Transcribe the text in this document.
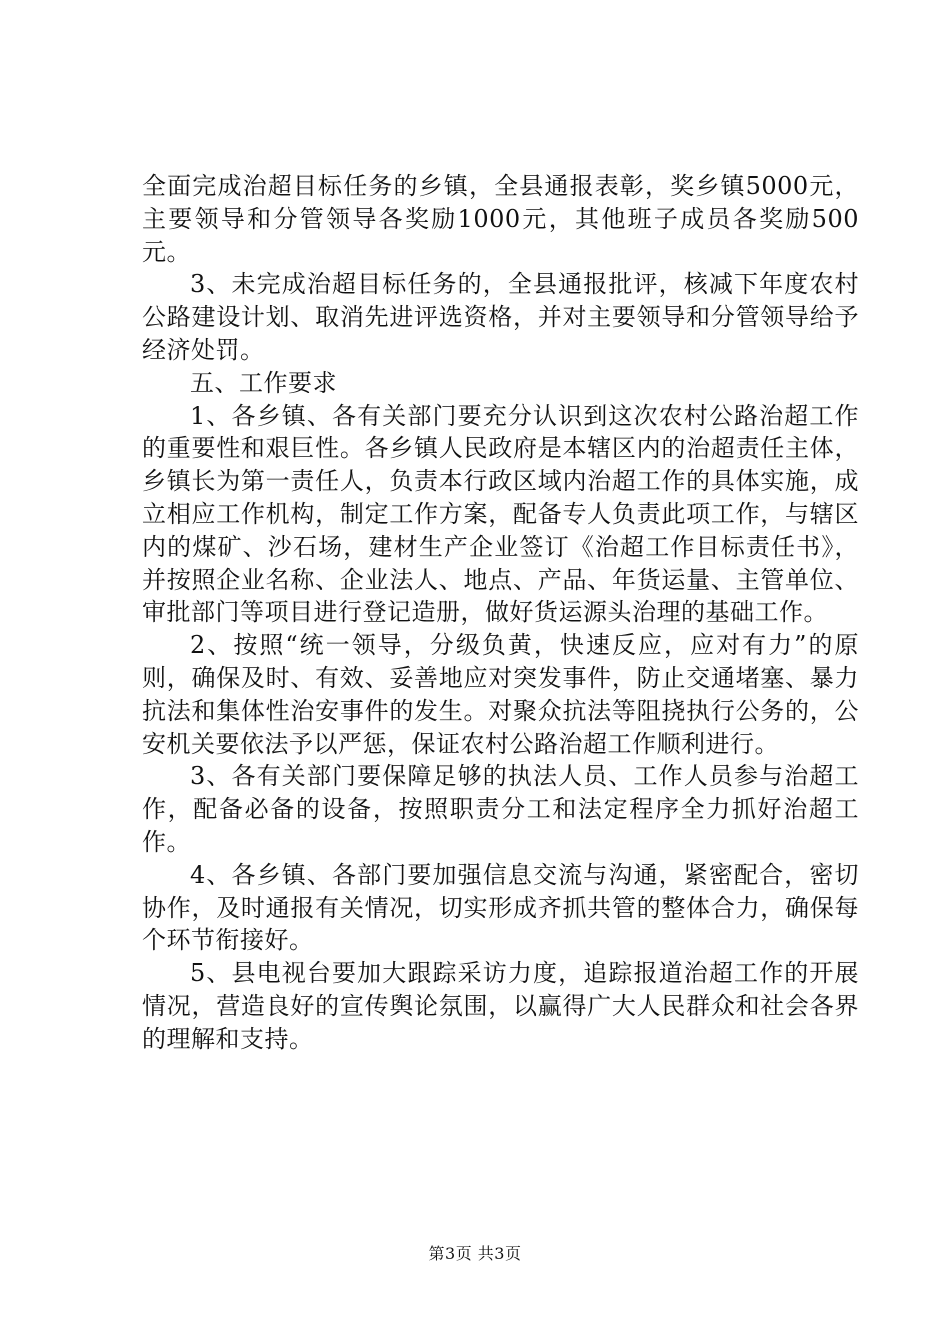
全面完成治超目标任务的乡镇，全县通报表彰，奖乡镇5000元，主要领导和分管领导各奖励1000元，其他班子成员各奖励500元。

3、未完成治超目标任务的，全县通报批评，核减下年度农村公路建设计划、取消先进评选资格，并对主要领导和分管领导给予经济处罚。

五、工作要求

1、各乡镇、各有关部门要充分认识到这次农村公路治超工作的重要性和艰巨性。各乡镇人民政府是本辖区内的治超责任主体，乡镇长为第一责任人，负责本行政区域内治超工作的具体实施，成立相应工作机构，制定工作方案，配备专人负责此项工作，与辖区内的煤矿、沙石场，建材生产企业签订《治超工作目标责任书》，并按照企业名称、企业法人、地点、产品、年货运量、主管单位、审批部门等项目进行登记造册，做好货运源头治理的基础工作。

2、按照“统一领导，分级负黄，快速反应，应对有力”的原则，确保及时、有效、妥善地应对突发事件，防止交通堵塞、暴力抗法和集体性治安事件的发生。对聚众抗法等阻挠执行公务的，公安机关要依法予以严惩，保证农村公路治超工作顺利进行。

3、各有关部门要保障足够的执法人员、工作人员参与治超工作，配备必备的设备，按照职责分工和法定程序全力抓好治超工作。

4、各乡镇、各部门要加强信息交流与沟通，紧密配合，密切协作，及时通报有关情况，切实形成齐抓共管的整体合力，确保每个环节衔接好。

5、县电视台要加大跟踪采访力度，追踪报道治超工作的开展情况，营造良好的宣传舆论氛围，以赢得广大人民群众和社会各界的理解和支持。

第3页 共3页
